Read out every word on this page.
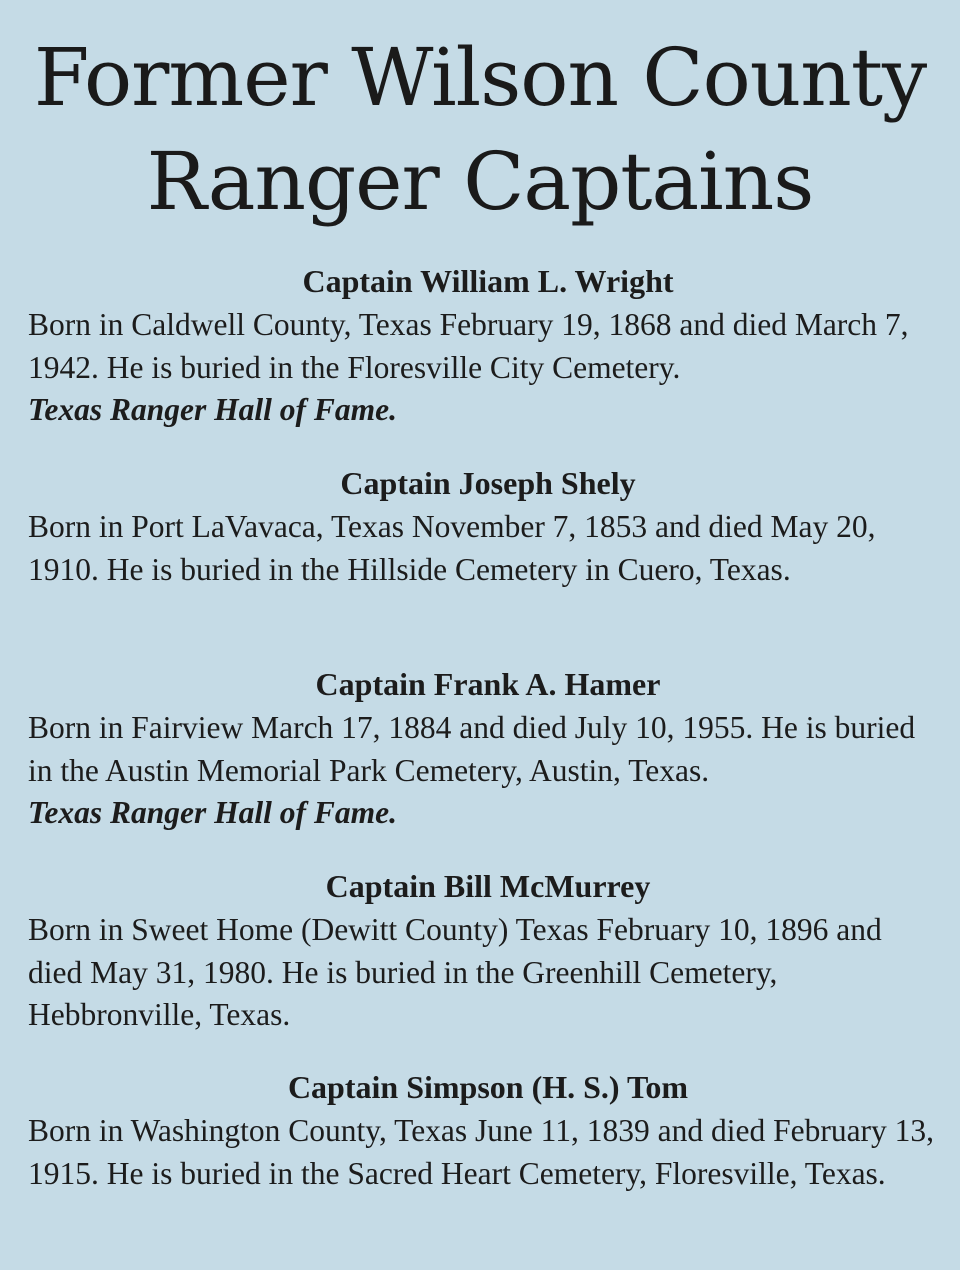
Former Wilson County
Ranger Captains
Captain William L. Wright

Born in Caldwell County, Texas February 19, 1868 and died March 7, 1942. He is buried in the Floresville City Cemetery.
Texas Ranger Hall of Fame.

Captain Joseph Shely

Born in Port LaVavaca, Texas November 7, 1853 and died May 20, 1910. He is buried in the Hillside Cemetery in Cuero, Texas.

Captain Frank A. Hamer

Born in Fairview March 17, 1884 and died July 10, 1955. He is buried in the Austin Memorial Park Cemetery, Austin, Texas.
Texas Ranger Hall of Fame.

Captain Bill McMurrey

Born in Sweet Home (Dewitt County) Texas February 10, 1896 and died May 31, 1980. He is buried in the Greenhill Cemetery, Hebbronville, Texas.

Captain Simpson (H. S.) Tom

Born in Washington County, Texas June 11, 1839 and died February 13, 1915. He is buried in the Sacred Heart Cemetery, Floresville, Texas.
